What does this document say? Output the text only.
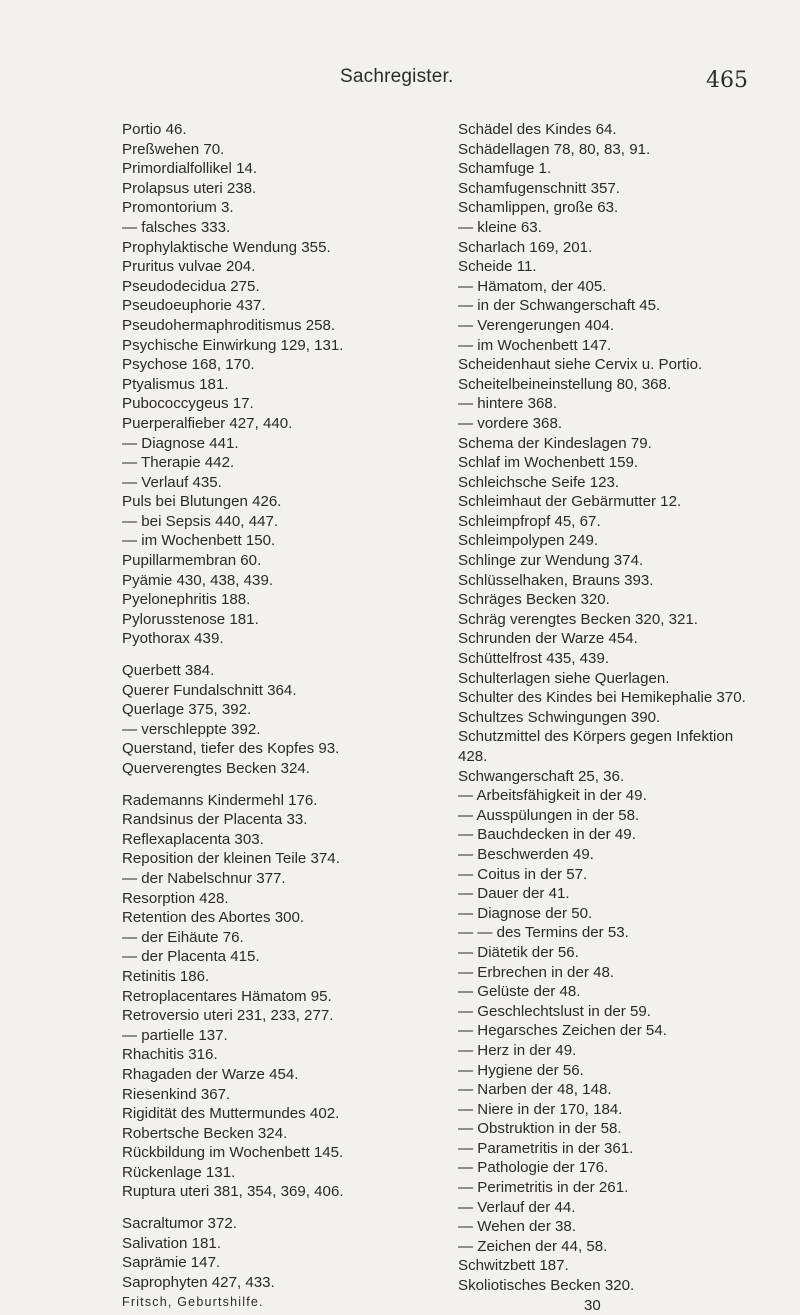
Sachregister.	465
Portio 46.
Preßwehen 70.
Primordialfollikel 14.
Prolapsus uteri 238.
Promontorium 3.
— falsches 333.
Prophylaktische Wendung 355.
Pruritus vulvae 204.
Pseudodecidua 275.
Pseudoeuphorie 437.
Pseudohermaphroditismus 258.
Psychische Einwirkung 129, 131.
Psychose 168, 170.
Ptyalismus 181.
Pubococcygeus 17.
Puerperalfieber 427, 440.
— Diagnose 441.
— Therapie 442.
— Verlauf 435.
Puls bei Blutungen 426.
— bei Sepsis 440, 447.
— im Wochenbett 150.
Pupillarmembran 60.
Pyämie 430, 438, 439.
Pyelonephritis 188.
Pylorusstenose 181.
Pyothorax 439.
Querbett 384.
Querer Fundalschnitt 364.
Querlage 375, 392.
— verschleppte 392.
Querstand, tiefer des Kopfes 93.
Querverengtes Becken 324.
Rademanns Kindermehl 176.
Randsinus der Placenta 33.
Reflexaplacenta 303.
Reposition der kleinen Teile 374.
— der Nabelschnur 377.
Resorption 428.
Retention des Abortes 300.
— der Eihäute 76.
— der Placenta 415.
Retinitis 186.
Retroplacentares Hämatom 95.
Retroversio uteri 231, 233, 277.
— partielle 137.
Rhachitis 316.
Rhagaden der Warze 454.
Riesenkind 367.
Rigidität des Muttermundes 402.
Robertsche Becken 324.
Rückbildung im Wochenbett 145.
Rückenlage 131.
Ruptura uteri 381, 354, 369, 406.
Sacraltumor 372.
Salivation 181.
Saprämie 147.
Saprophyten 427, 433.
Fritsch, Geburtshilfe.
Schädel des Kindes 64.
Schädellagen 78, 80, 83, 91.
Schamfuge 1.
Schamfugenschnitt 357.
Schamlippen, große 63.
— kleine 63.
Scharlach 169, 201.
Scheide 11.
— Hämatom, der 405.
— in der Schwangerschaft 45.
— Verengerungen 404.
— im Wochenbett 147.
Scheidenhaut siehe Cervix u. Portio.
Scheitelbeineinstellung 80, 368.
— hintere 368.
— vordere 368.
Schema der Kindeslagen 79.
Schlaf im Wochenbett 159.
Schleichsche Seife 123.
Schleimhaut der Gebärmutter 12.
Schleimpfropf 45, 67.
Schleimpolypen 249.
Schlinge zur Wendung 374.
Schlüsselhaken, Brauns 393.
Schräges Becken 320.
Schräg verengtes Becken 320, 321.
Schrunden der Warze 454.
Schüttelfrost 435, 439.
Schulterlagen siehe Querlagen.
Schulter des Kindes bei Hemikephalie 370.
Schultzes Schwingungen 390.
Schutzmittel des Körpers gegen Infektion 428.
Schwangerschaft 25, 36.
— Arbeitsfähigkeit in der 49.
— Ausspülungen in der 58.
— Bauchdecken in der 49.
— Beschwerden 49.
— Coitus in der 57.
— Dauer der 41.
— Diagnose der 50.
— — des Termins der 53.
— Diätetik der 56.
— Erbrechen in der 48.
— Gelüste der 48.
— Geschlechtslust in der 59.
— Hegarsches Zeichen der 54.
— Herz in der 49.
— Hygiene der 56.
— Narben der 48, 148.
— Niere in der 170, 184.
— Obstruktion in der 58.
— Parametritis in der 361.
— Pathologie der 176.
— Perimetritis in der 261.
— Verlauf der 44.
— Wehen der 38.
— Zeichen der 44, 58.
Schwitzbett 187.
Skoliotisches Becken 320.
30
